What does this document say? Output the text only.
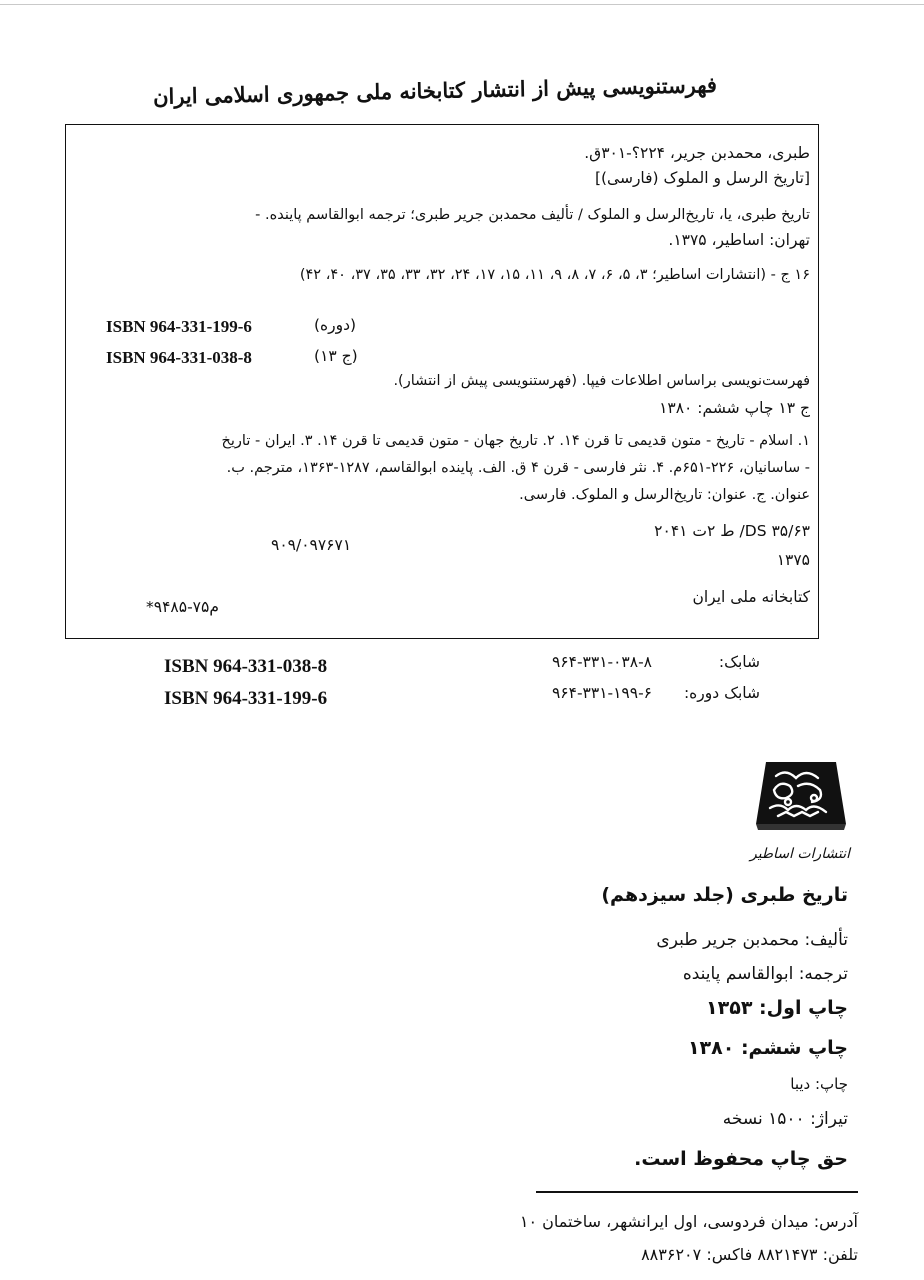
فهرستنویسی پیش از انتشار کتابخانه ملی جمهوری اسلامی ایران
طبری، محمدبن جریر، ۲۲۴؟-۳۰۱ق.
[تاریخ الرسل و الملوک (فارسی)]
تاریخ طبری، یا، تاریخ‌الرسل و الملوک / تألیف محمدبن جریر طبری؛ ترجمه ابوالقاسم پاینده. -
تهران: اساطیر، ۱۳۷۵.
۱۶ ج - (انتشارات اساطیر؛ ۳، ۵، ۶، ۷، ۸، ۹، ۱۱، ۱۵، ۱۷، ۲۴، ۳۲، ۳۳، ۳۵، ۳۷، ۴۰، ۴۲)
ISBN 964-331-199-6	(دوره)
ISBN 964-331-038-8	(ج ۱۳)
فهرست‌نویسی براساس اطلاعات فیپا. (فهرستنویسی پیش از انتشار).
ج ۱۳ چاپ ششم: ۱۳۸۰
۱. اسلام - تاریخ - متون قدیمی تا قرن ۱۴. ۲. تاریخ جهان - متون قدیمی تا قرن ۱۴. ۳. ایران - تاریخ
- ساسانیان، ۲۲۶-۶۵۱م. ۴. نثر فارسی - قرن ۴ ق. الف. پاینده ابوالقاسم، ۱۲۸۷-۱۳۶۳، مترجم. ب.
عنوان. ج. عنوان: تاریخ‌الرسل و الملوک. فارسی.
DS ۳۵/۶۳/ ط ۲ت ۲۰۴۱
۹۰۹/۰۹۷۶۷۱
۱۳۷۵
کتابخانه ملی ایران
م۷۵-۹۴۸۵*
ISBN 964-331-038-8
ISBN 964-331-199-6
شابک:
۹۶۴-۳۳۱-۰۳۸-۸
شابک دوره:
۹۶۴-۳۳۱-۱۹۹-۶
انتشارات اساطیر
تاریخ طبری (جلد سیزدهم)
تألیف: محمدبن جریر طبری
ترجمه: ابوالقاسم پاینده
چاپ اول: ۱۳۵۳
چاپ ششم: ۱۳۸۰
چاپ: دیبا
تیراژ: ۱۵۰۰ نسخه
حق چاپ محفوظ است.
آدرس: میدان فردوسی، اول ایرانشهر، ساختمان ۱۰
تلفن: ۸۸۲۱۴۷۳ فاکس: ۸۸۳۶۲۰۷
